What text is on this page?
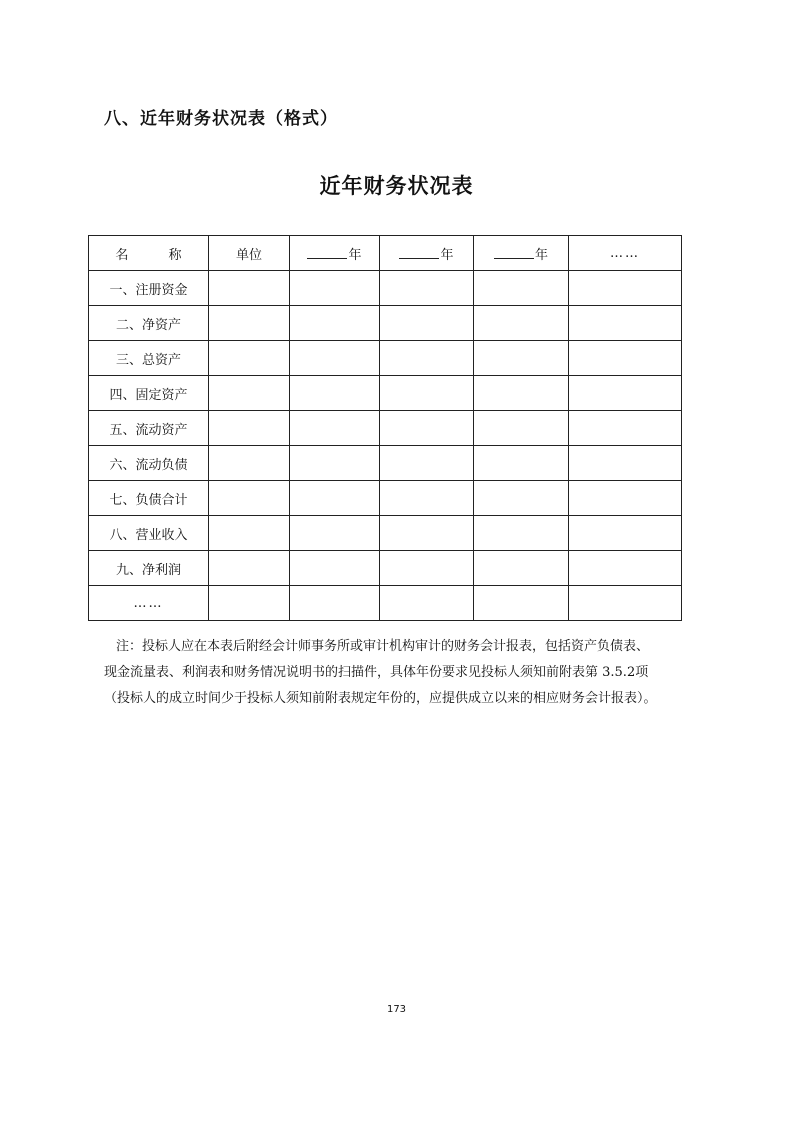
八、近年财务状况表（格式）
近年财务状况表
名 称	单位	年	年	年	……
一、注册资金					
二、净资产					
三、总资产					
四、固定资产					
五、流动资产					
六、流动负债					
七、负债合计					
八、营业收入					
九、净利润					
……					

注：投标人应在本表后附经会计师事务所或审计机构审计的财务会计报表，包括资产负债表、

现金流量表、利润表和财务情况说明书的扫描件，具体年份要求见投标人须知前附表第 3.5.2项

（投标人的成立时间少于投标人须知前附表规定年份的，应提供成立以来的相应财务会计报表）。

173
